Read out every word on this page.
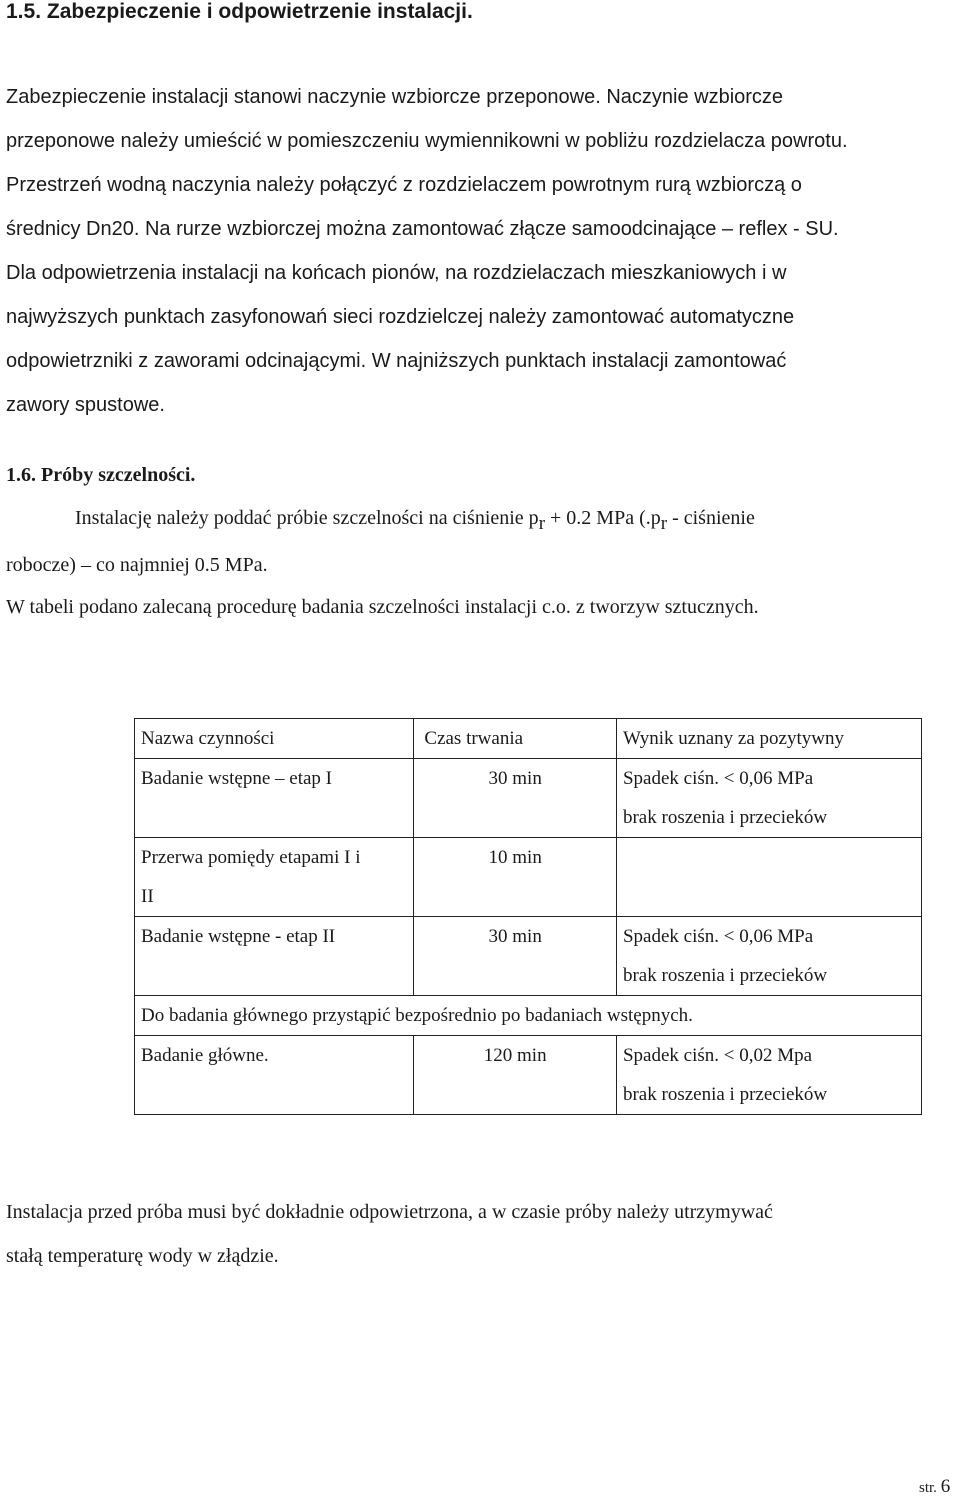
1.5. Zabezpieczenie i odpowietrzenie instalacji.
Zabezpieczenie instalacji stanowi naczynie wzbiorcze przeponowe. Naczynie wzbiorcze
przeponowe należy umieścić w pomieszczeniu wymiennikowni w pobliżu rozdzielacza powrotu.
Przestrzeń wodną naczynia należy połączyć z rozdzielaczem powrotnym rurą wzbiorczą o
średnicy Dn20. Na rurze wzbiorczej można zamontować złącze samoodcinające – reflex - SU.
Dla odpowietrzenia instalacji na końcach pionów, na rozdzielaczach mieszkaniowych i w
najwyższych punktach zasyfonowań sieci rozdzielczej należy zamontować automatyczne
odpowietrzniki z zaworami odcinającymi. W najniższych punktach instalacji zamontować
zawory spustowe.
1.6. Próby szczelności.
Instalację należy poddać próbie szczelności na ciśnienie pr + 0.2 MPa (.pr - ciśnienie
robocze) – co najmniej 0.5 MPa.
W tabeli podano zalecaną procedurę badania szczelności instalacji c.o. z tworzyw sztucznych.
Nazwa czynności	Czas trwania	Wynik uznany za pozytywny

Badanie wstępne – etap I	30 min	Spadek ciśn. < 0,06 MPa
brak roszenia i przecieków

Przerwa pomiędy etapami I i
II	10 min	

Badanie wstępne - etap II	30 min	Spadek ciśn. < 0,06 MPa
brak roszenia i przecieków

Do badania głównego przystąpić bezpośrednio po badaniach wstępnych.		
Badanie główne.	120 min	Spadek ciśn. < 0,02 Mpa
brak roszenia i przecieków
Instalacja przed próba musi być dokładnie odpowietrzona, a w czasie próby należy utrzymywać
stałą temperaturę wody w złądzie.
str. 6
